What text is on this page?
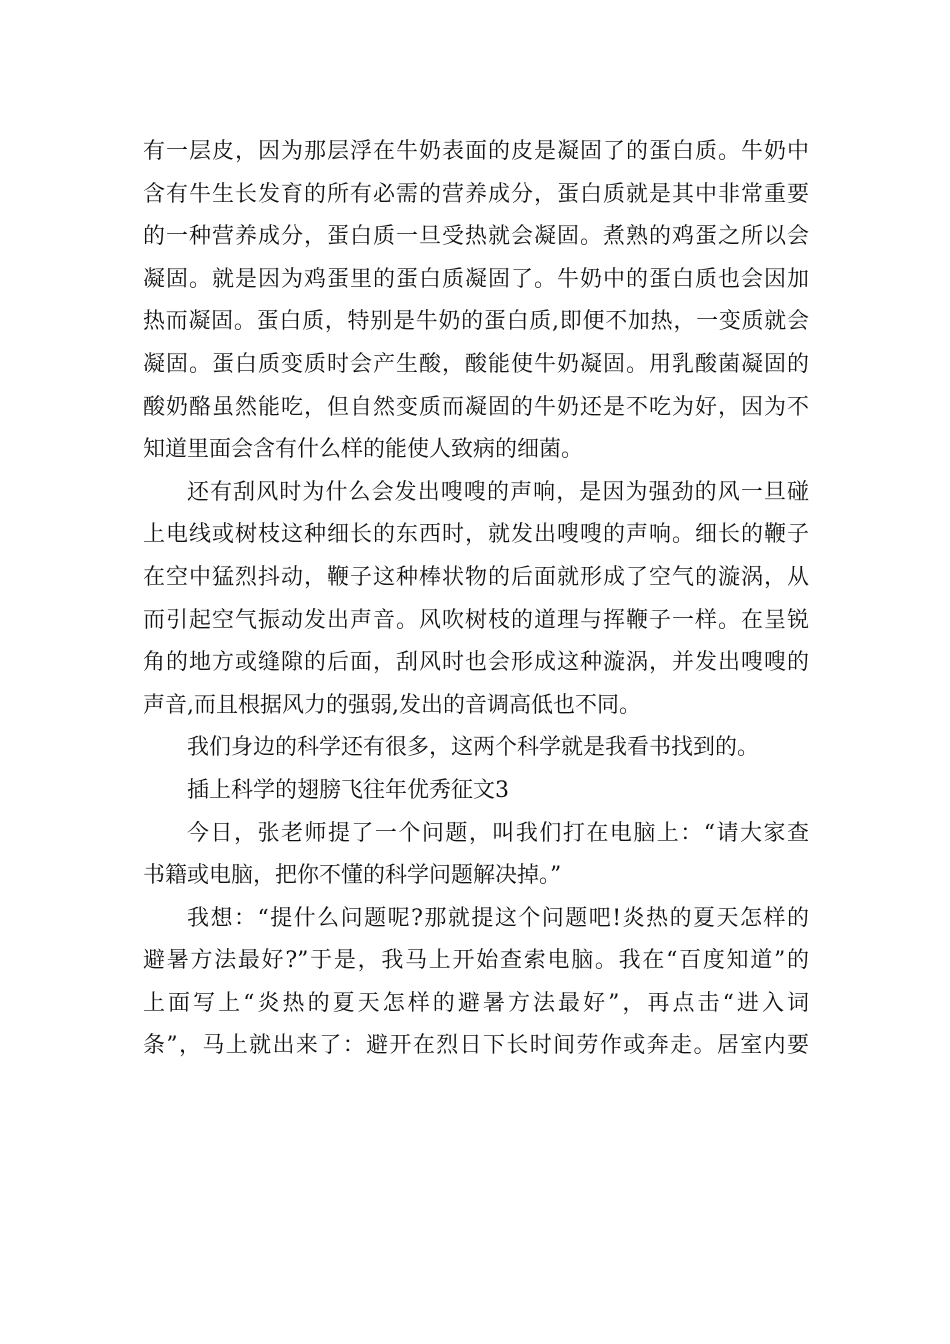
有一层皮，因为那层浮在牛奶表面的皮是凝固了的蛋白质。牛奶中
含有牛生长发育的所有必需的营养成分，蛋白质就是其中非常重要
的一种营养成分，蛋白质一旦受热就会凝固。煮熟的鸡蛋之所以会
凝固。就是因为鸡蛋里的蛋白质凝固了。牛奶中的蛋白质也会因加
热而凝固。蛋白质，特别是牛奶的蛋白质,即便不加热，一变质就会
凝固。蛋白质变质时会产生酸，酸能使牛奶凝固。用乳酸菌凝固的
酸奶酪虽然能吃，但自然变质而凝固的牛奶还是不吃为好，因为不
知道里面会含有什么样的能使人致病的细菌。
还有刮风时为什么会发出嗖嗖的声响，是因为强劲的风一旦碰
上电线或树枝这种细长的东西时，就发出嗖嗖的声响。细长的鞭子
在空中猛烈抖动，鞭子这种棒状物的后面就形成了空气的漩涡，从
而引起空气振动发出声音。风吹树枝的道理与挥鞭子一样。在呈锐
角的地方或缝隙的后面，刮风时也会形成这种漩涡，并发出嗖嗖的
声音,而且根据风力的强弱,发出的音调高低也不同。
我们身边的科学还有很多，这两个科学就是我看书找到的。
插上科学的翅膀飞往年优秀征文3
今日，张老师提了一个问题，叫我们打在电脑上：“请大家查
书籍或电脑，把你不懂的科学问题解决掉。”
我想：“提什么问题呢?那就提这个问题吧!炎热的夏天怎样的
避暑方法最好?”于是，我马上开始查索电脑。我在“百度知道”的
上面写上“炎热的夏天怎样的避暑方法最好”，再点击“进入词
条”，马上就出来了：避开在烈日下长时间劳作或奔走。居室内要
